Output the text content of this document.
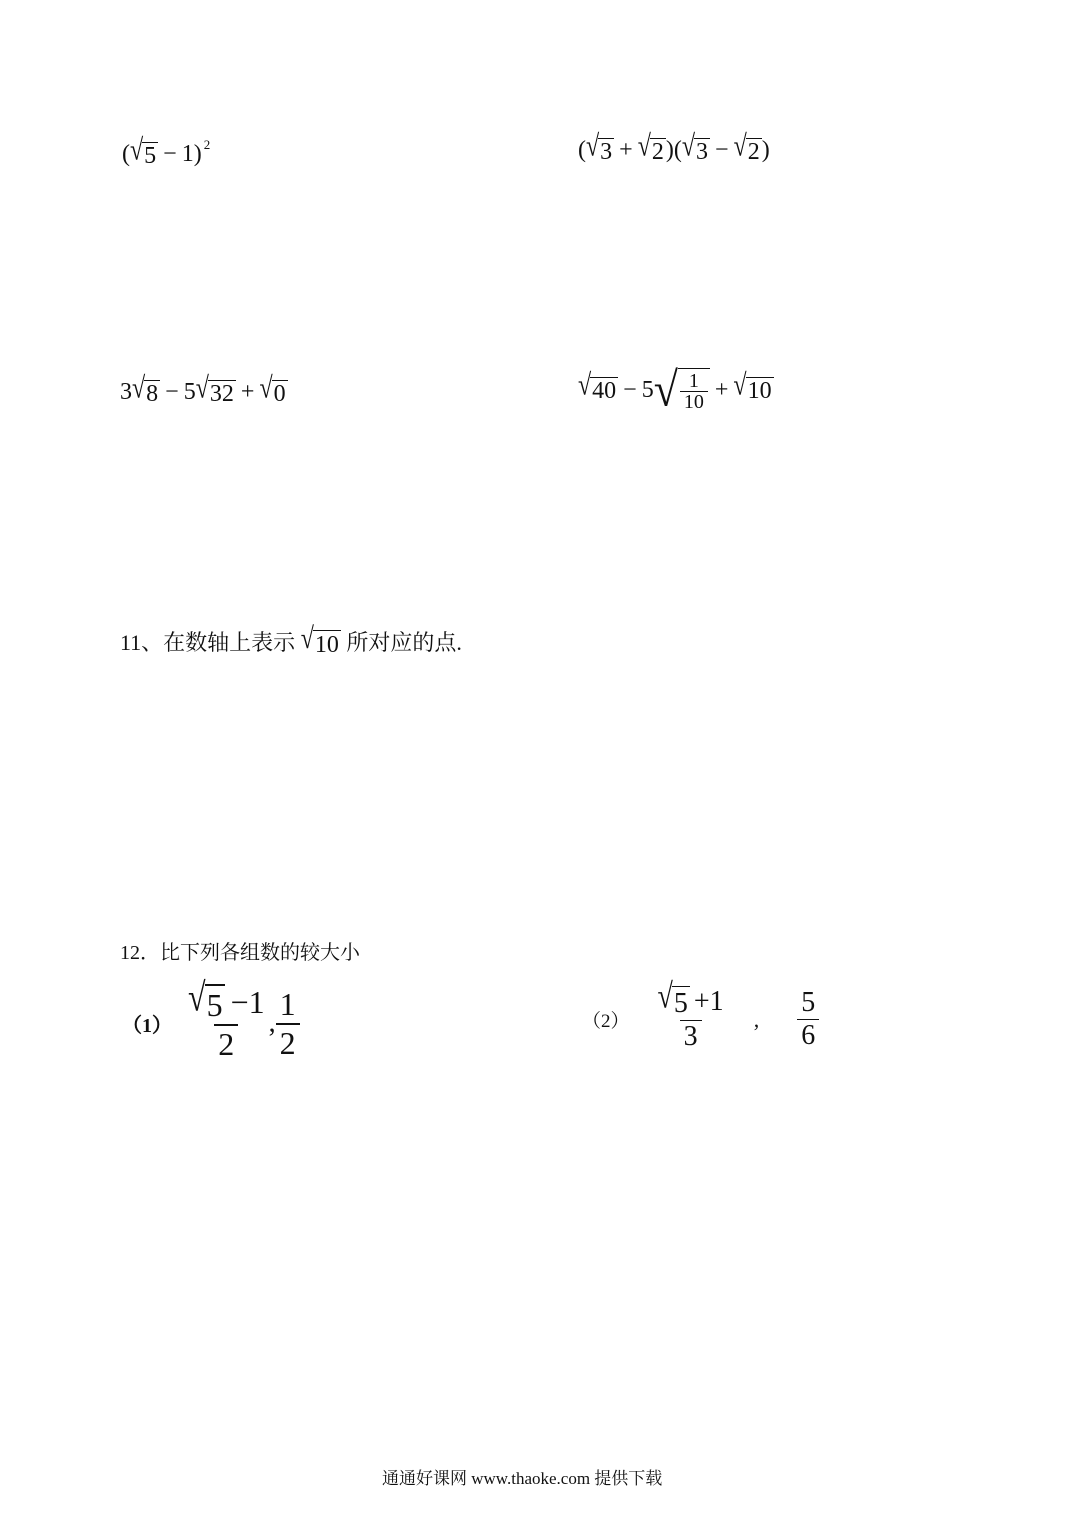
( √ 5 − 1) $^2$	( √ 3 + √ 2 )( √ 3 − √ 2 )
3 √ 8 − 5 √ 32 + √ 0	√ 40 − 5 √ $\frac{1}{10}$ + √ 10
11、在数轴上表示 √ 10 所对应的点.
12．比下列各组数的较大小
$(1) \frac{√ 5 -1}{2}$ , $\frac{1}{2}$	$(2) \frac{√ 5 +1}{3}$ , $\frac{5}{6}$
通通好课网 www.thaoke.com 提供下载
